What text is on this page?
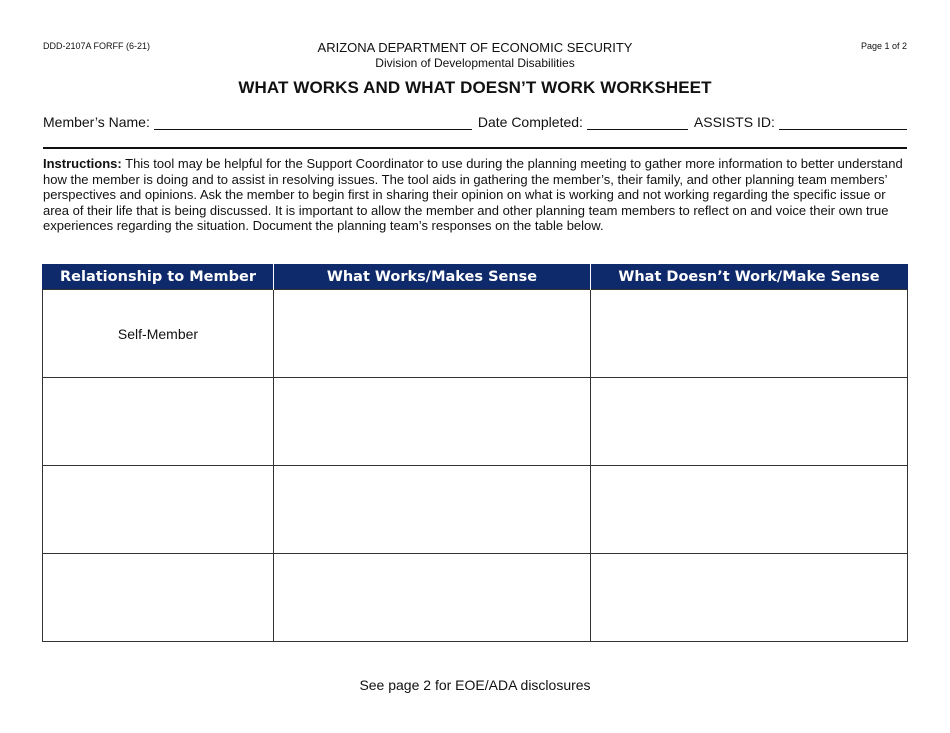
DDD-2107A FORFF (6-21)	Page 1 of 2
ARIZONA DEPARTMENT OF ECONOMIC SECURITY
Division of Developmental Disabilities
WHAT WORKS AND WHAT DOESN’T WORK WORKSHEET
Member’s Name:	Date Completed:	ASSISTS ID:
Instructions: This tool may be helpful for the Support Coordinator to use during the planning meeting to gather more information to better understand how the member is doing and to assist in resolving issues. The tool aids in gathering the member’s, their family, and other planning team members’ perspectives and opinions. Ask the member to begin first in sharing their opinion on what is working and not working regarding the specific issue or area of their life that is being discussed. It is important to allow the member and other planning team members to reflect on and voice their own true experiences regarding the situation. Document the planning team’s responses on the table below.
Relationship to Member	What Works/Makes Sense	What Doesn’t Work/Make Sense
Self-Member		

See page 2 for EOE/ADA disclosures
